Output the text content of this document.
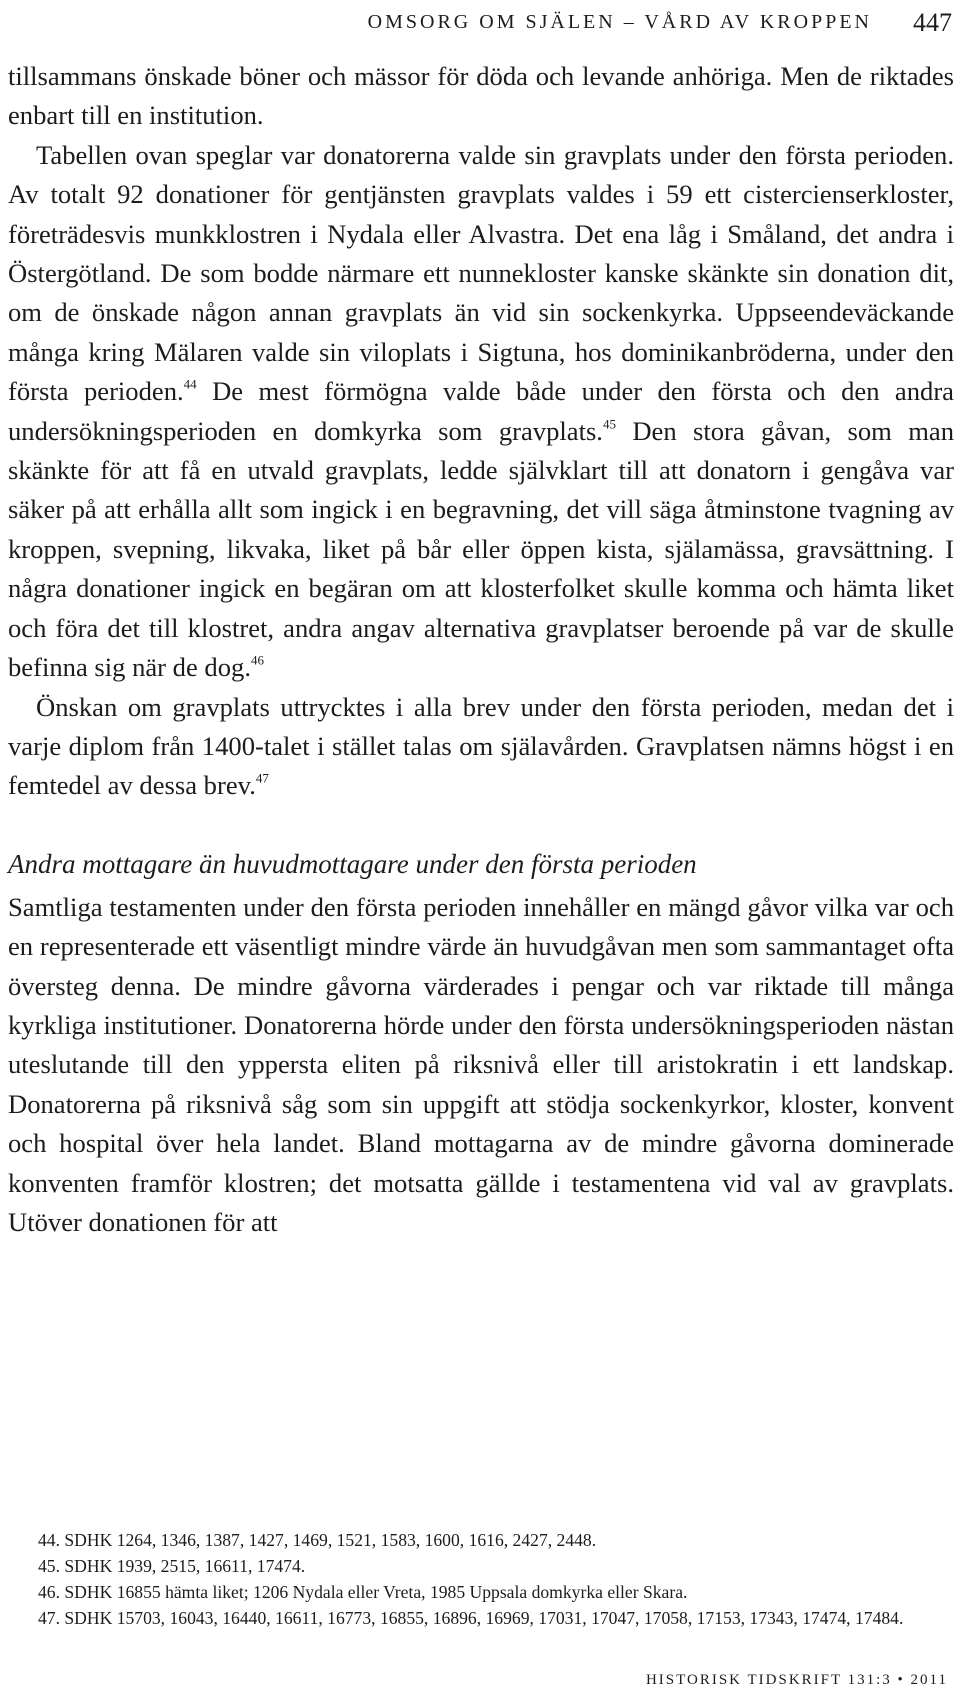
OMSORG OM SJÄLEN – VÅRD AV KROPPEN 447

tillsammans önskade böner och mässor för döda och levande anhöriga. Men de riktades enbart till en institution.

Tabellen ovan speglar var donatorerna valde sin gravplats under den första perioden. Av totalt 92 donationer för gentjänsten gravplats valdes i 59 ett cistercienserkloster, företrädesvis munkklostren i Nydala eller Alvastra. Det ena låg i Småland, det andra i Östergötland. De som bodde närmare ett nunnekloster kanske skänkte sin donation dit, om de önskade någon annan gravplats än vid sin sockenkyrka. Uppseendeväckande många kring Mälaren valde sin viloplats i Sigtuna, hos dominikanbröderna, under den första perioden.$^{44}$ De mest förmögna valde både under den första och den andra undersökningsperioden en domkyrka som gravplats.$^{45}$ Den stora gåvan, som man skänkte för att få en utvald gravplats, ledde självklart till att donatorn i gengåva var säker på att erhålla allt som ingick i en begravning, det vill säga åtminstone tvagning av kroppen, svepning, likvaka, liket på bår eller öppen kista, själamässa, gravsättning. I några donationer ingick en begäran om att klosterfolket skulle komma och hämta liket och föra det till klostret, andra angav alternativa gravplatser beroende på var de skulle befinna sig när de dog.$^{46}$

Önskan om gravplats uttrycktes i alla brev under den första perioden, medan det i varje diplom från 1400-talet i stället talas om själavården. Gravplatsen nämns högst i en femtedel av dessa brev.$^{47}$

Andra mottagare än huvudmottagare under den första perioden

Samtliga testamenten under den första perioden innehåller en mängd gåvor vilka var och en representerade ett väsentligt mindre värde än huvudgåvan men som sammantaget ofta översteg denna. De mindre gåvorna värderades i pengar och var riktade till många kyrkliga institutioner. Donatorerna hörde under den första undersökningsperioden nästan uteslutande till den yppersta eliten på riksnivå eller till aristokratin i ett landskap. Donatorerna på riksnivå såg som sin uppgift att stödja sockenkyrkor, kloster, konvent och hospital över hela landet. Bland mottagarna av de mindre gåvorna dominerade konventen framför klostren; det motsatta gällde i testamentena vid val av gravplats. Utöver donationen för att

44. SDHK 1264, 1346, 1387, 1427, 1469, 1521, 1583, 1600, 1616, 2427, 2448.

45. SDHK 1939, 2515, 16611, 17474.

46. SDHK 16855 hämta liket; 1206 Nydala eller Vreta, 1985 Uppsala domkyrka eller Skara.

47. SDHK 15703, 16043, 16440, 16611, 16773, 16855, 16896, 16969, 17031, 17047, 17058, 17153, 17343, 17474, 17484.

HISTORISK TIDSKRIFT 131:3 • 2011
